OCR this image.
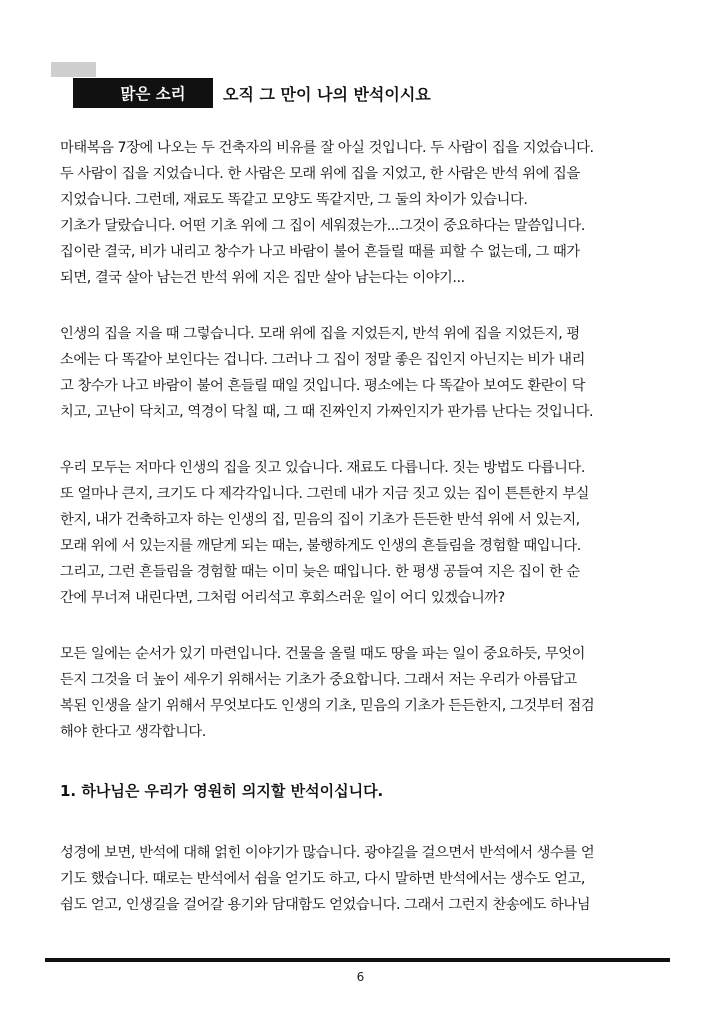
맑은 소리	오직 그 만이 나의 반석이시요
마태복음 7장에 나오는 두 건축자의 비유를 잘 아실 것입니다. 두 사람이 집을 지었습니다.
두 사람이 집을 지었습니다. 한 사람은 모래 위에 집을 지었고, 한 사람은 반석 위에 집을
지었습니다. 그런데, 재료도 똑같고 모양도 똑같지만, 그 둘의 차이가 있습니다.
기초가 달랐습니다. 어떤 기초 위에 그 집이 세워졌는가...그것이 중요하다는 말씀입니다.
집이란 결국, 비가 내리고 창수가 나고 바람이 불어 흔들릴 때를 피할 수 없는데, 그 때가
되면, 결국 살아 남는건 반석 위에 지은 집만 살아 남는다는 이야기...
인생의 집을 지을 때 그렇습니다. 모래 위에 집을 지었든지, 반석 위에 집을 지었든지, 평
소에는 다 똑같아 보인다는 겁니다. 그러나 그 집이 정말 좋은 집인지 아닌지는 비가 내리
고 창수가 나고 바람이 불어 흔들릴 때일 것입니다. 평소에는 다 똑같아 보여도 환란이 닥
치고, 고난이 닥치고, 역경이 닥칠 때, 그 때 진짜인지 가짜인지가 판가름 난다는 것입니다.
우리 모두는 저마다 인생의 집을 짓고 있습니다. 재료도 다릅니다. 짓는 방법도 다릅니다.
또 얼마나 큰지, 크기도 다 제각각입니다. 그런데 내가 지금 짓고 있는 집이 튼튼한지 부실
한지, 내가 건축하고자 하는 인생의 집, 믿음의 집이 기초가 든든한 반석 위에 서 있는지,
모래 위에 서 있는지를 깨닫게 되는 때는, 불행하게도 인생의 흔들림을 경험할 때입니다.
그리고, 그런 흔들림을 경험할 때는 이미 늦은 때입니다. 한 평생 공들여 지은 집이 한 순
간에 무너져 내린다면, 그처럼 어리석고 후회스러운 일이 어디 있겠습니까?
모든 일에는 순서가 있기 마련입니다. 건물을 올릴 때도 땅을 파는 일이 중요하듯, 무엇이
든지 그것을 더 높이 세우기 위해서는 기초가 중요합니다. 그래서 저는 우리가 아름답고
복된 인생을 살기 위해서 무엇보다도 인생의 기초, 믿음의 기초가 든든한지, 그것부터 점검
해야 한다고 생각합니다.
1. 하나님은 우리가 영원히 의지할 반석이십니다.
성경에 보면, 반석에 대해 얽힌 이야기가 많습니다. 광야길을 걸으면서 반석에서 생수를 얻
기도 했습니다. 때로는 반석에서 쉼을 얻기도 하고, 다시 말하면 반석에서는 생수도 얻고,
쉼도 얻고, 인생길을 걸어갈 용기와 담대함도 얻었습니다. 그래서 그런지 찬송에도 하나님
6
